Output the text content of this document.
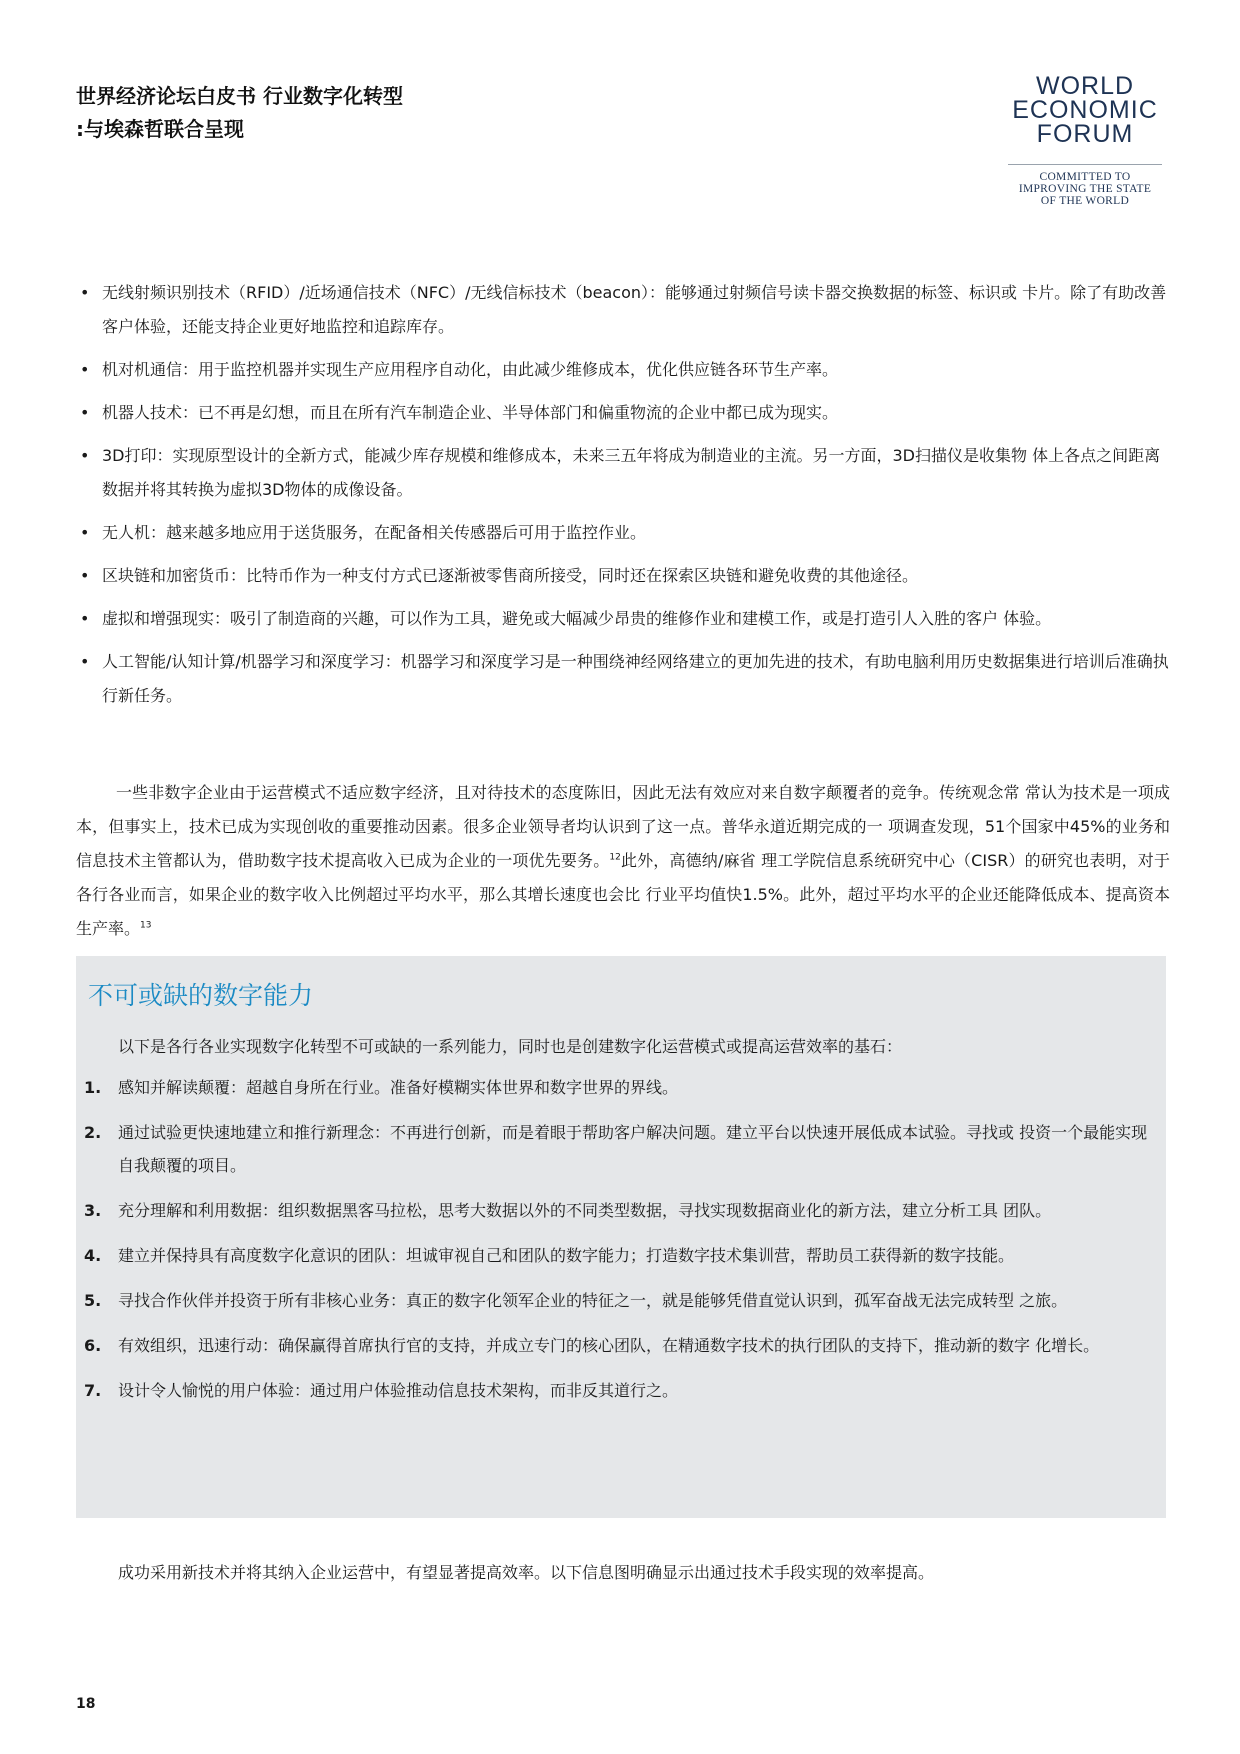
世界经济论坛白皮书 行业数字化转型 :与埃森哲联合呈现
WORLD
ECONOMIC
FORUM
COMMITTED TO
IMPROVING THE STATE
OF THE WORLD
• 无线射频识别技术（RFID）/近场通信技术（NFC）/无线信标技术（beacon）：能够通过射频信号读卡器交换数据的标签、标识或 卡片。除了有助改善客户体验，还能支持企业更好地监控和追踪库存。
• 机对机通信：用于监控机器并实现生产应用程序自动化，由此减少维修成本，优化供应链各环节生产率。
• 机器人技术：已不再是幻想，而且在所有汽车制造企业、半导体部门和偏重物流的企业中都已成为现实。
• 3D打印：实现原型设计的全新方式，能减少库存规模和维修成本，未来三五年将成为制造业的主流。另一方面，3D扫描仪是收集物 体上各点之间距离数据并将其转换为虚拟3D物体的成像设备。
• 无人机：越来越多地应用于送货服务，在配备相关传感器后可用于监控作业。
• 区块链和加密货币：比特币作为一种支付方式已逐渐被零售商所接受，同时还在探索区块链和避免收费的其他途径。
• 虚拟和增强现实：吸引了制造商的兴趣，可以作为工具，避免或大幅减少昂贵的维修作业和建模工作，或是打造引人入胜的客户 体验。
• 人工智能/认知计算/机器学习和深度学习：机器学习和深度学习是一种围绕神经网络建立的更加先进的技术，有助电脑利用历史数据集进行培训后准确执行新任务。

一些非数字企业由于运营模式不适应数字经济，且对待技术的态度陈旧，因此无法有效应对来自数字颠覆者的竞争。传统观念常 常认为技术是一项成本，但事实上，技术已成为实现创收的重要推动因素。很多企业领导者均认识到了这一点。普华永道近期完成的一 项调查发现，51个国家中45%的业务和信息技术主管都认为，借助数字技术提高收入已成为企业的一项优先要务。$^{12}$此外，高德纳/麻省 理工学院信息系统研究中心（CISR）的研究也表明，对于各行各业而言，如果企业的数字收入比例超过平均水平，那么其增长速度也会比 行业平均值快1.5%。此外，超过平均水平的企业还能降低成本、提高资本生产率。$^{13}$

不可或缺的数字能力

以下是各行各业实现数字化转型不可或缺的一系列能力，同时也是创建数字化运营模式或提高运营效率的基石：

1. 感知并解读颠覆：超越自身所在行业。准备好模糊实体世界和数字世界的界线。
2. 通过试验更快速地建立和推行新理念：不再进行创新，而是着眼于帮助客户解决问题。建立平台以快速开展低成本试验。寻找或 投资一个最能实现自我颠覆的项目。
3. 充分理解和利用数据：组织数据黑客马拉松，思考大数据以外的不同类型数据，寻找实现数据商业化的新方法，建立分析工具 团队。
4. 建立并保持具有高度数字化意识的团队：坦诚审视自己和团队的数字能力；打造数字技术集训营，帮助员工获得新的数字技能。
5. 寻找合作伙伴并投资于所有非核心业务：真正的数字化领军企业的特征之一，就是能够凭借直觉认识到，孤军奋战无法完成转型 之旅。
6. 有效组织，迅速行动：确保赢得首席执行官的支持，并成立专门的核心团队，在精通数字技术的执行团队的支持下，推动新的数字 化增长。
7. 设计令人愉悦的用户体验：通过用户体验推动信息技术架构，而非反其道行之。

成功采用新技术并将其纳入企业运营中，有望显著提高效率。以下信息图明确显示出通过技术手段实现的效率提高。

18
